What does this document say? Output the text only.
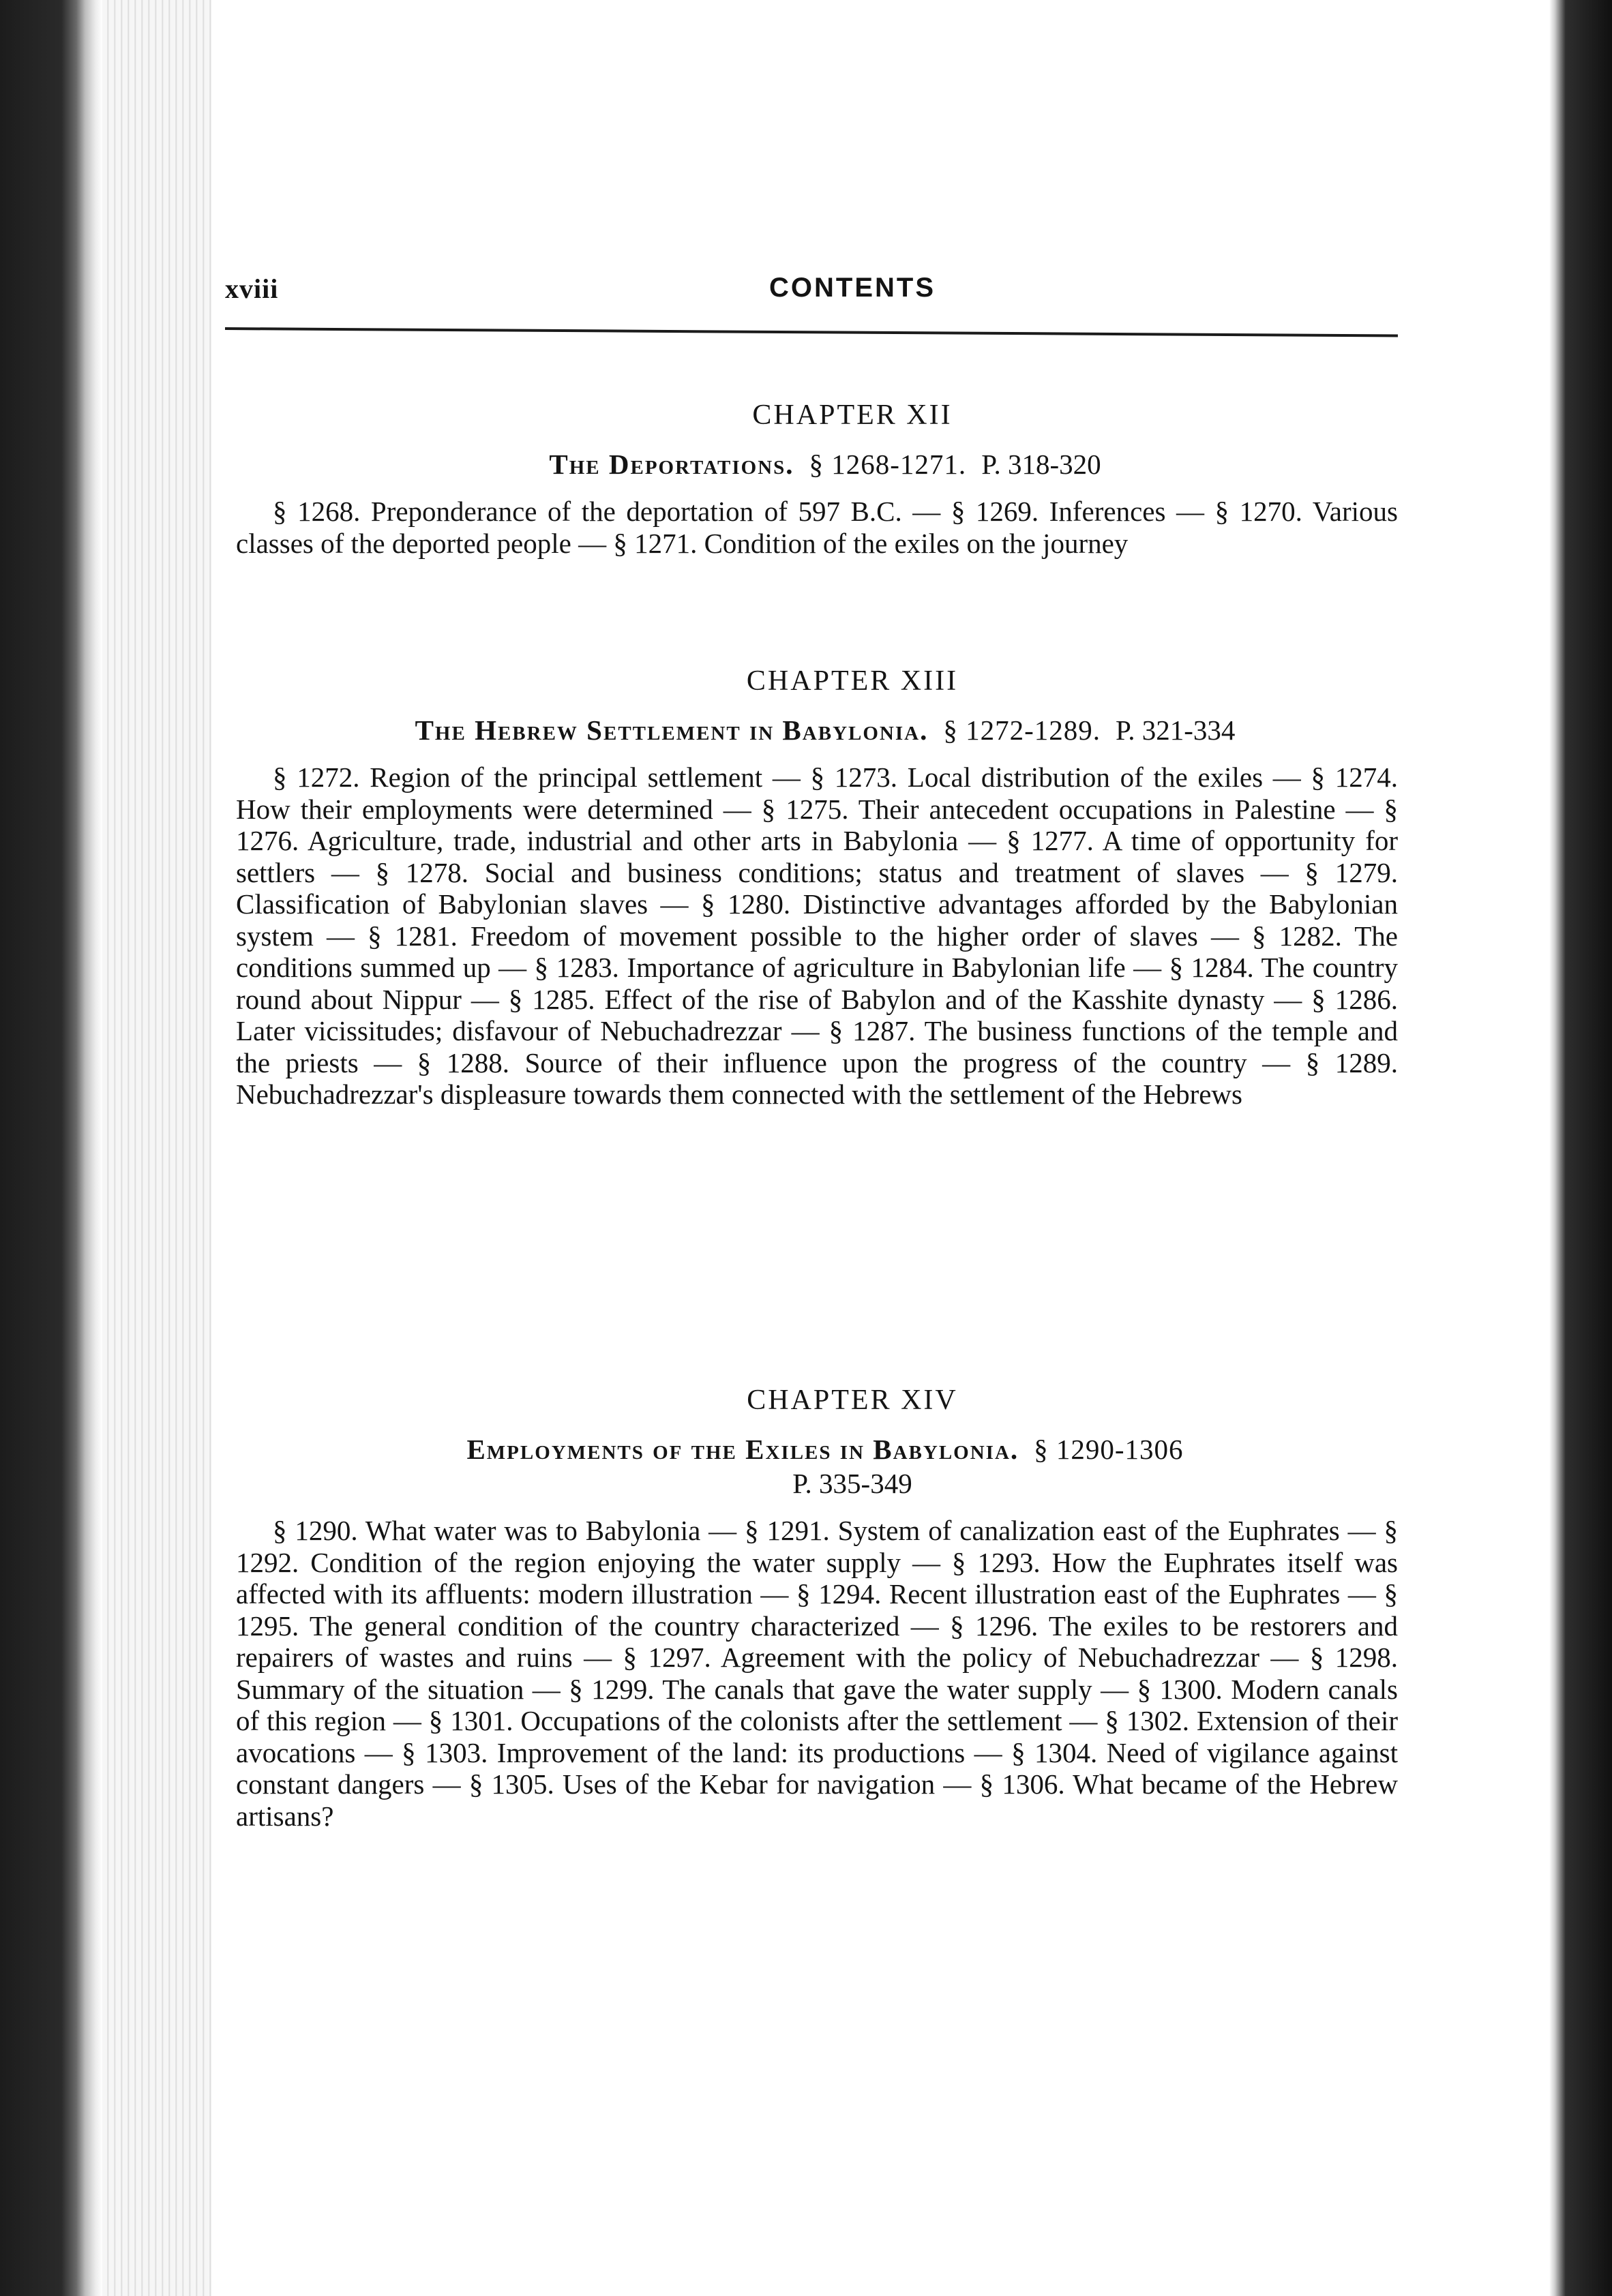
xviii	CONTENTS
CHAPTER XII
The Deportations. § 1268-1271. P. 318-320
§ 1268. Preponderance of the deportation of 597 B.C. — § 1269. Inferences — § 1270. Various classes of the deported people — § 1271. Condition of the exiles on the journey
CHAPTER XIII
The Hebrew Settlement in Babylonia. § 1272-1289. P. 321-334
§ 1272. Region of the principal settlement — § 1273. Local distribution of the exiles — § 1274. How their employments were determined — § 1275. Their antecedent occupations in Palestine — § 1276. Agriculture, trade, industrial and other arts in Babylonia — § 1277. A time of opportunity for settlers — § 1278. Social and business conditions; status and treatment of slaves — § 1279. Classification of Babylonian slaves — § 1280. Distinctive advantages afforded by the Babylonian system — § 1281. Freedom of movement possible to the higher order of slaves — § 1282. The conditions summed up — § 1283. Importance of agriculture in Babylonian life — § 1284. The country round about Nippur — § 1285. Effect of the rise of Babylon and of the Kasshite dynasty — § 1286. Later vicissitudes; disfavour of Nebuchadrezzar — § 1287. The business functions of the temple and the priests — § 1288. Source of their influence upon the progress of the country — § 1289. Nebuchadrezzar's displeasure towards them connected with the settlement of the Hebrews
CHAPTER XIV
Employments of the Exiles in Babylonia. § 1290-1306
P. 335-349
§ 1290. What water was to Babylonia — § 1291. System of canalization east of the Euphrates — § 1292. Condition of the region enjoying the water supply — § 1293. How the Euphrates itself was affected with its affluents: modern illustration — § 1294. Recent illustration east of the Euphrates — § 1295. The general condition of the country characterized — § 1296. The exiles to be restorers and repairers of wastes and ruins — § 1297. Agreement with the policy of Nebuchadrezzar — § 1298. Summary of the situation — § 1299. The canals that gave the water supply — § 1300. Modern canals of this region — § 1301. Occupations of the colonists after the settlement — § 1302. Extension of their avocations — § 1303. Improvement of the land: its productions — § 1304. Need of vigilance against constant dangers — § 1305. Uses of the Kebar for navigation — § 1306. What became of the Hebrew artisans?
